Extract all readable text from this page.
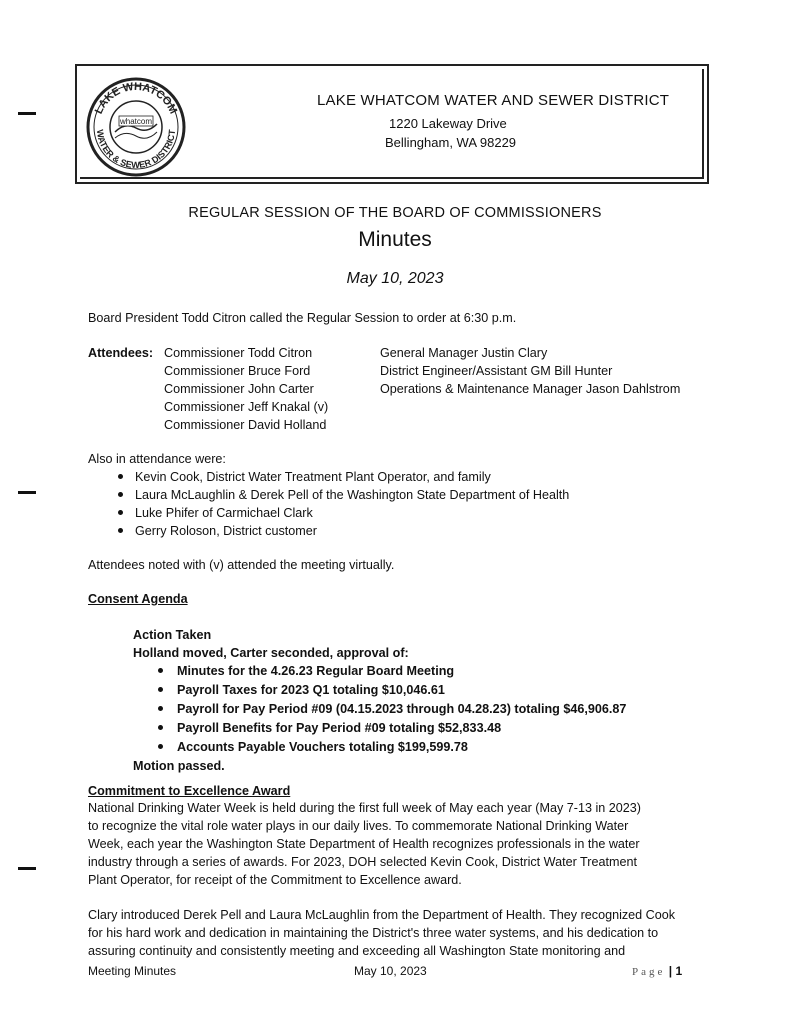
LAKE WHATCOM
WATER & SEWER DISTRICT
whatcom
LAKE WHATCOM WATER AND SEWER DISTRICT
1220 Lakeway Drive
Bellingham, WA 98229
REGULAR SESSION OF THE BOARD OF COMMISSIONERS
Minutes
May 10, 2023
Board President Todd Citron called the Regular Session to order at 6:30 p.m.
Attendees: Commissioner Todd Citron
Commissioner Bruce Ford
Commissioner John Carter
Commissioner Jeff Knakal (v)
Commissioner David Holland
General Manager Justin Clary
District Engineer/Assistant GM Bill Hunter
Operations & Maintenance Manager Jason Dahlstrom
Also in attendance were:
Kevin Cook, District Water Treatment Plant Operator, and family
Laura McLaughlin & Derek Pell of the Washington State Department of Health
Luke Phifer of Carmichael Clark
Gerry Roloson, District customer
Attendees noted with (v) attended the meeting virtually.
Consent Agenda
Action Taken
Holland moved, Carter seconded, approval of:
Minutes for the 4.26.23 Regular Board Meeting
Payroll Taxes for 2023 Q1 totaling $10,046.61
Payroll for Pay Period #09 (04.15.2023 through 04.28.23) totaling $46,906.87
Payroll Benefits for Pay Period #09 totaling $52,833.48
Accounts Payable Vouchers totaling $199,599.78
Motion passed.
Commitment to Excellence Award
National Drinking Water Week is held during the first full week of May each year (May 7-13 in 2023)
to recognize the vital role water plays in our daily lives. To commemorate National Drinking Water
Week, each year the Washington State Department of Health recognizes professionals in the water
industry through a series of awards. For 2023, DOH selected Kevin Cook, District Water Treatment
Plant Operator, for receipt of the Commitment to Excellence award.
Clary introduced Derek Pell and Laura McLaughlin from the Department of Health. They recognized Cook
for his hard work and dedication in maintaining the District's three water systems, and his dedication to
assuring continuity and consistently meeting and exceeding all Washington State monitoring and
Meeting Minutes	May 10, 2023	Page | 1
